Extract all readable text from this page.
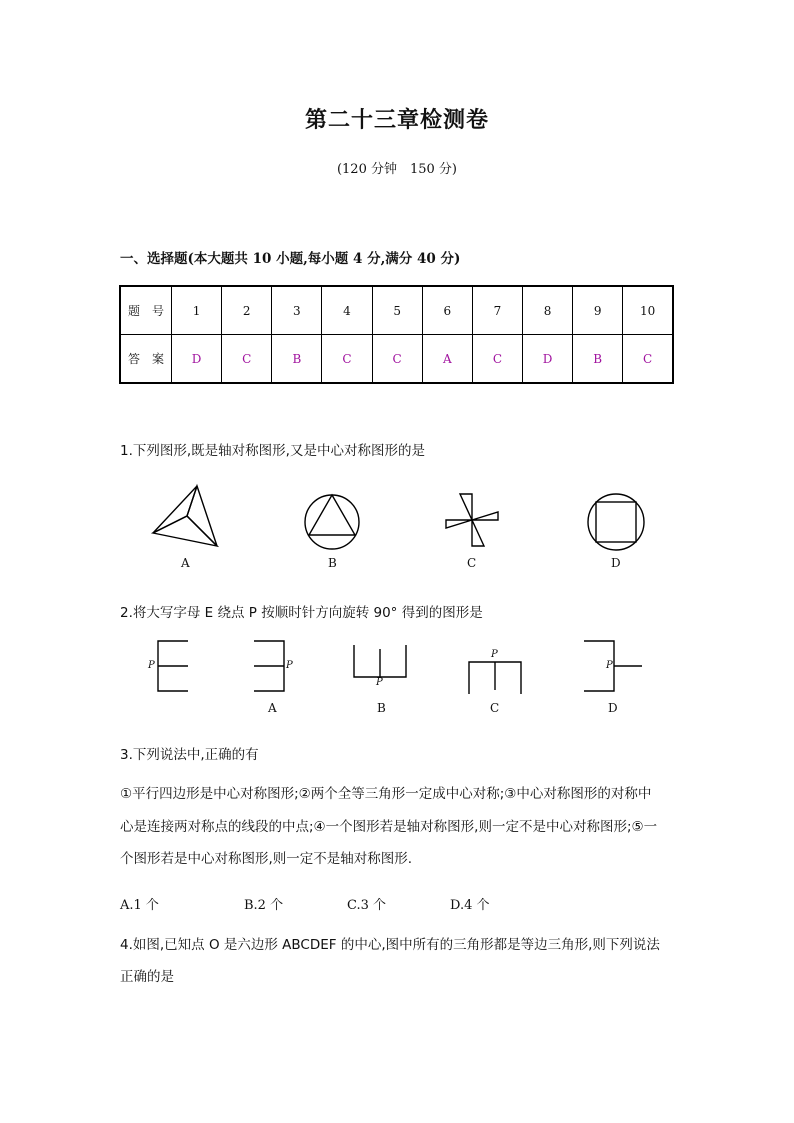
第二十三章检测卷
(120 分钟　150 分)
一、选择题(本大题共 10 小题,每小题 4 分,满分 40 分)
题　号	1	2	3	4	5	6	7	8	9	10
答　案	D	C	B	C	C	A	C	D	B	C
1.下列图形,既是轴对称图形,又是中心对称图形的是
A	B	C	D
2.将大写字母 E 绕点 P 按顺时针方向旋转 90° 得到的图形是
P	P
A
P
B
P
C
P
D
3.下列说法中,正确的有
①平行四边形是中心对称图形;②两个全等三角形一定成中心对称;③中心对称图形的对称中
心是连接两对称点的线段的中点;④一个图形若是轴对称图形,则一定不是中心对称图形;⑤一
个图形若是中心对称图形,则一定不是轴对称图形.
A.1 个	B.2 个	C.3 个	D.4 个
4.如图,已知点 O 是六边形 ABCDEF 的中心,图中所有的三角形都是等边三角形,则下列说法
正确的是
